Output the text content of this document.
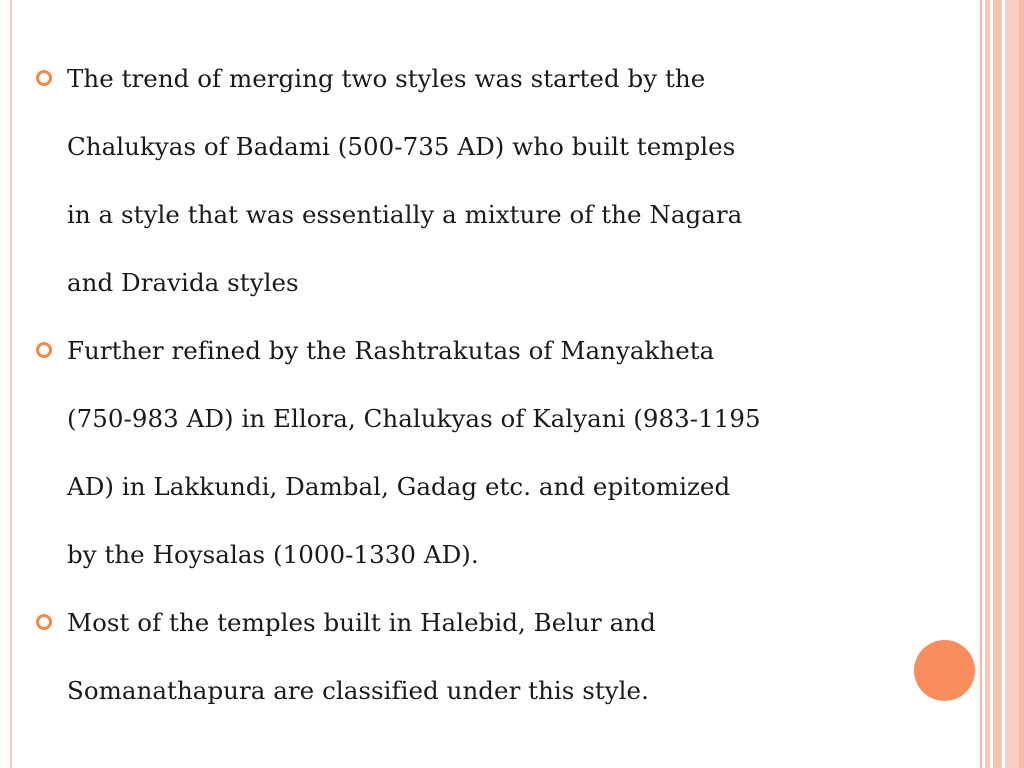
The trend of merging two styles was started by the
Chalukyas of Badami (500-735 AD) who built temples
in a style that was essentially a mixture of the Nagara
and Dravida styles
Further refined by the Rashtrakutas of Manyakheta
(750-983 AD) in Ellora, Chalukyas of Kalyani (983-1195
AD) in Lakkundi, Dambal, Gadag etc. and epitomized
by the Hoysalas (1000-1330 AD).
Most of the temples built in Halebid, Belur and
Somanathapura are classified under this style.
